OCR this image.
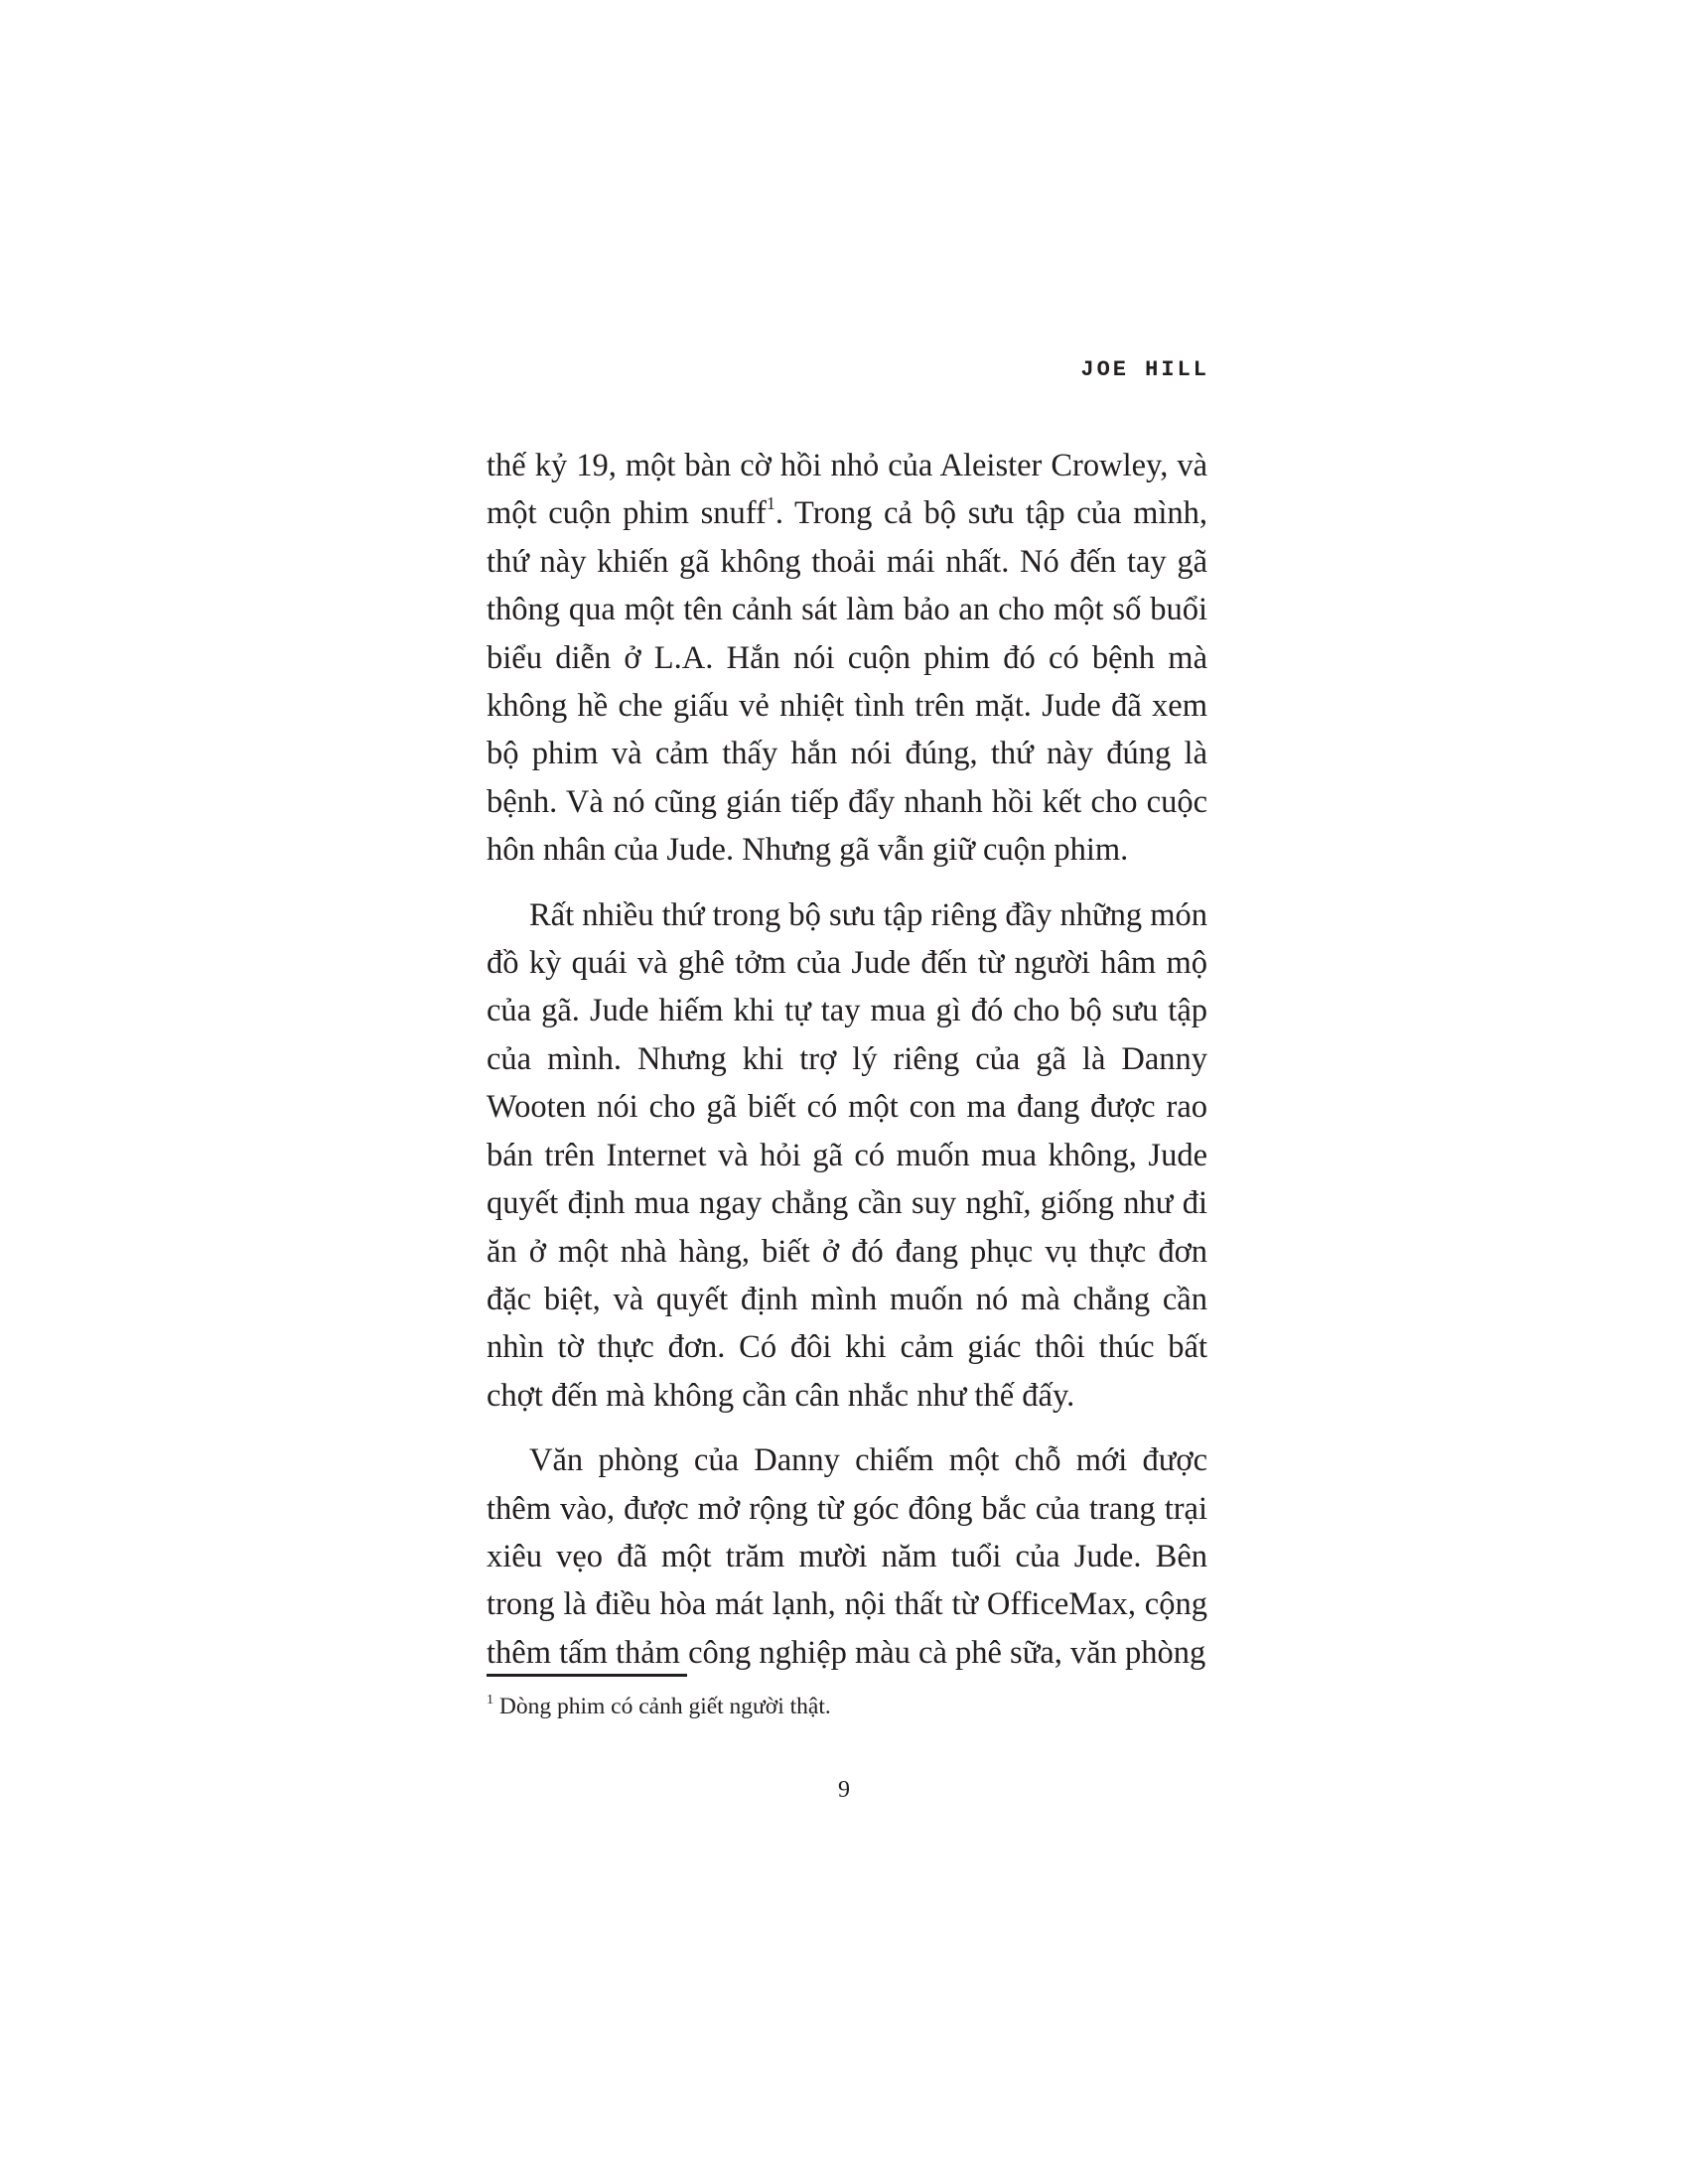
JOE HILL

thế kỷ 19, một bàn cờ hồi nhỏ của Aleister Crowley, và một cuộn phim snuff$^1$. Trong cả bộ sưu tập của mình, thứ này khiến gã không thoải mái nhất. Nó đến tay gã thông qua một tên cảnh sát làm bảo an cho một số buổi biểu diễn ở L.A. Hắn nói cuộn phim đó có bệnh mà không hề che giấu vẻ nhiệt tình trên mặt. Jude đã xem bộ phim và cảm thấy hắn nói đúng, thứ này đúng là bệnh. Và nó cũng gián tiếp đẩy nhanh hồi kết cho cuộc hôn nhân của Jude. Nhưng gã vẫn giữ cuộn phim.

Rất nhiều thứ trong bộ sưu tập riêng đầy những món đồ kỳ quái và ghê tởm của Jude đến từ người hâm mộ của gã. Jude hiếm khi tự tay mua gì đó cho bộ sưu tập của mình. Nhưng khi trợ lý riêng của gã là Danny Wooten nói cho gã biết có một con ma đang được rao bán trên Internet và hỏi gã có muốn mua không, Jude quyết định mua ngay chẳng cần suy nghĩ, giống như đi ăn ở một nhà hàng, biết ở đó đang phục vụ thực đơn đặc biệt, và quyết định mình muốn nó mà chẳng cần nhìn tờ thực đơn. Có đôi khi cảm giác thôi thúc bất chợt đến mà không cần cân nhắc như thế đấy.

Văn phòng của Danny chiếm một chỗ mới được thêm vào, được mở rộng từ góc đông bắc của trang trại xiêu vẹo đã một trăm mười năm tuổi của Jude. Bên trong là điều hòa mát lạnh, nội thất từ OfficeMax, cộng thêm tấm thảm công nghiệp màu cà phê sữa, văn phòng

$^1$ Dòng phim có cảnh giết người thật.
9
